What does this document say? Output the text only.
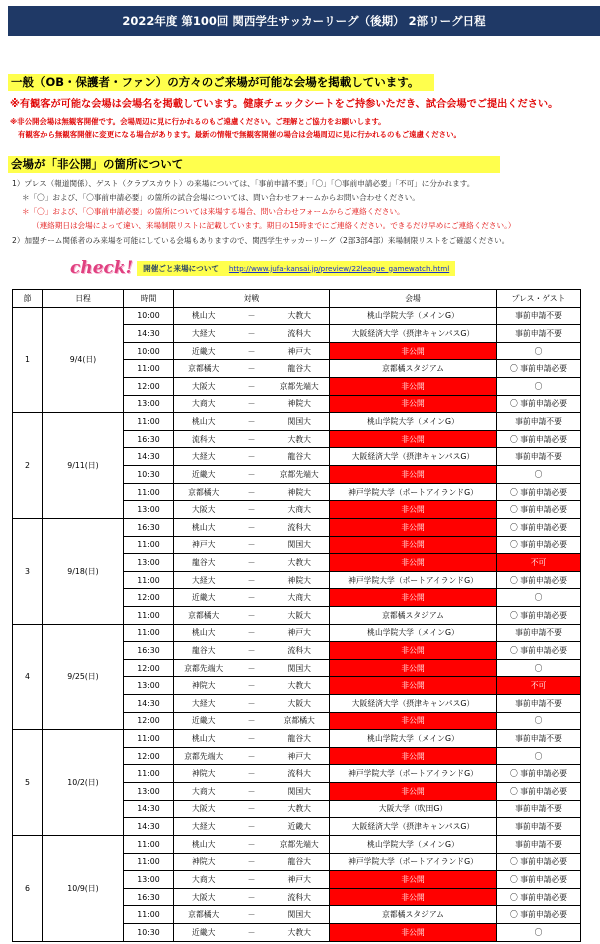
2022年度 第100回 関西学生サッカーリーグ（後期） 2部リーグ日程
一般（OB・保護者・ファン）の方々のご来場が可能な会場を掲載しています。
※有観客が可能な会場は会場名を掲載しています。健康チェックシートをご持参いただき、試合会場でご提出ください。
※非公開会場は無観客開催です。会場周辺に見に行かれるのもご遠慮ください。ご理解とご協力をお願いします。
有観客から無観客開催に変更になる場合があります。最新の情報で無観客開催の場合は会場周辺に見に行かれるのもご遠慮ください。
会場が「非公開」の箇所について
1）プレス（報道関係）、ゲスト（クラブスカウト）の来場については、「事前申請不要」「〇」「〇事前申請必要」「不可」に分かれます。
＊「〇」および、「〇事前申請必要」の箇所の試合会場については、問い合わせフォームからお問い合わせください。
＊「〇」および、「〇事前申請必要」の箇所については来場する場合、問い合わせフォームからご連絡ください。
（連絡期日は会場によって違い、来場制限リストに記載しています。期日の15時までにご連絡ください。できるだけ早めにご連絡ください。）
2）加盟チーム関係者のみ来場を可能にしている会場もありますので、関西学生サッカーリーグ（2部3部4部）来場制限リストをご確認ください。
check! 開催ごと来場について http://www.jufa-kansai.jp/preview/22league_gamewatch.html
節	日程	時間	対戦	会場	プレス・ゲスト
1	9/4(日)	10:00	桃山大 － 大教大	桃山学院大学（メインG）	事前申請不要
		14:30	大経大 － 流科大	大阪経済大学（摂津キャンパスG）	事前申請不要
		10:00	近畿大 － 神戸大	非公開	〇
		11:00	京都橘大 － 龍谷大	京都橘スタジアム	〇 事前申請必要
		12:00	大阪大 － 京都先端大	非公開	〇
		13:00	大商大 － 神院大	非公開	〇 事前申請必要
2	9/11(日)	11:00	桃山大 － 関国大	桃山学院大学（メインG）	事前申請不要
		16:30	流科大 － 大教大	非公開	〇 事前申請必要
		14:30	大経大 － 龍谷大	大阪経済大学（摂津キャンパスG）	事前申請不要
		10:30	近畿大 － 京都先端大	非公開	〇
		11:00	京都橘大 － 神院大	神戸学院大学（ポートアイランドG）	〇 事前申請必要
		13:00	大阪大 － 大商大	非公開	〇 事前申請必要
3	9/18(日)	16:30	桃山大 － 流科大	非公開	〇 事前申請必要
		11:00	神戸大 － 関国大	非公開	〇 事前申請必要
		13:00	龍谷大 － 大教大	非公開	不可
		11:00	大経大 － 神院大	神戸学院大学（ポートアイランドG）	〇 事前申請必要
		12:00	近畿大 － 大商大	非公開	〇
		11:00	京都橘大 － 大阪大	京都橘スタジアム	〇 事前申請必要
4	9/25(日)	11:00	桃山大 － 神戸大	桃山学院大学（メインG）	事前申請不要
		16:30	龍谷大 － 流科大	非公開	〇 事前申請必要
		12:00	京都先端大 － 関国大	非公開	〇
		13:00	神院大 － 大教大	非公開	不可
		14:30	大経大 － 大阪大	大阪経済大学（摂津キャンパスG）	事前申請不要
		12:00	近畿大 － 京都橘大	非公開	〇
5	10/2(日)	11:00	桃山大 － 龍谷大	桃山学院大学（メインG）	事前申請不要
		12:00	京都先端大 － 神戸大	非公開	〇
		11:00	神院大 － 流科大	神戸学院大学（ポートアイランドG）	〇 事前申請必要
		13:00	大商大 － 関国大	非公開	〇 事前申請必要
		14:30	大阪大 － 大教大	大阪大学（吹田G）	事前申請不要
		14:30	大経大 － 近畿大	大阪経済大学（摂津キャンパスG）	事前申請不要
6	10/9(日)	11:00	桃山大 － 京都先端大	桃山学院大学（メインG）	事前申請不要
		11:00	神院大 － 龍谷大	神戸学院大学（ポートアイランドG）	〇 事前申請必要
		13:00	大商大 － 神戸大	非公開	〇 事前申請必要
		16:30	大阪大 － 流科大	非公開	〇 事前申請必要
		11:00	京都橘大 － 関国大	京都橘スタジアム	〇 事前申請必要
		10:30	近畿大 － 大教大	非公開	〇
